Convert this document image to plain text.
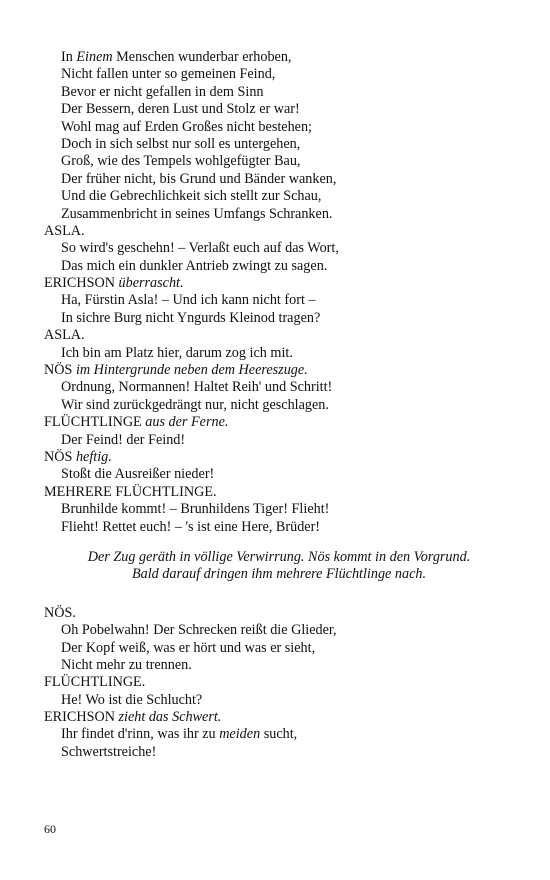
In Einem Menschen wunderbar erhoben,
Nicht fallen unter so gemeinen Feind,
Bevor er nicht gefallen in dem Sinn
Der Bessern, deren Lust und Stolz er war!
Wohl mag auf Erden Großes nicht bestehen;
Doch in sich selbst nur soll es untergehen,
Groß, wie des Tempels wohlgefügter Bau,
Der früher nicht, bis Grund und Bänder wanken,
Und die Gebrechlichkeit sich stellt zur Schau,
Zusammenbricht in seines Umfangs Schranken.
ASLA.
So wird's geschehn! – Verlaßt euch auf das Wort,
Das mich ein dunkler Antrieb zwingt zu sagen.
ERICHSON überrascht.
Ha, Fürstin Asla! – Und ich kann nicht fort –
In sichre Burg nicht Yngurds Kleinod tragen?
ASLA.
Ich bin am Platz hier, darum zog ich mit.
NÖS im Hintergrunde neben dem Heereszuge.
Ordnung, Normannen! Haltet Reih' und Schritt!
Wir sind zurückgedrängt nur, nicht geschlagen.
FLÜCHTLINGE aus der Ferne.
Der Feind! der Feind!
NÖS heftig.
Stoßt die Ausreißer nieder!
MEHRERE FLÜCHTLINGE.
Brunhilde kommt! – Brunhildens Tiger! Flieht!
Flieht! Rettet euch! – 's ist eine Here, Brüder!
Der Zug geräth in völlige Verwirrung. Nös kommt in den Vorgrund.
Bald darauf dringen ihm mehrere Flüchtlinge nach.
NÖS.
Oh Pobelwahn! Der Schrecken reißt die Glieder,
Der Kopf weiß, was er hört und was er sieht,
Nicht mehr zu trennen.
FLÜCHTLINGE.
He! Wo ist die Schlucht?
ERICHSON zieht das Schwert.
Ihr findet d'rinn, was ihr zu meiden sucht,
Schwertstreiche!
60
